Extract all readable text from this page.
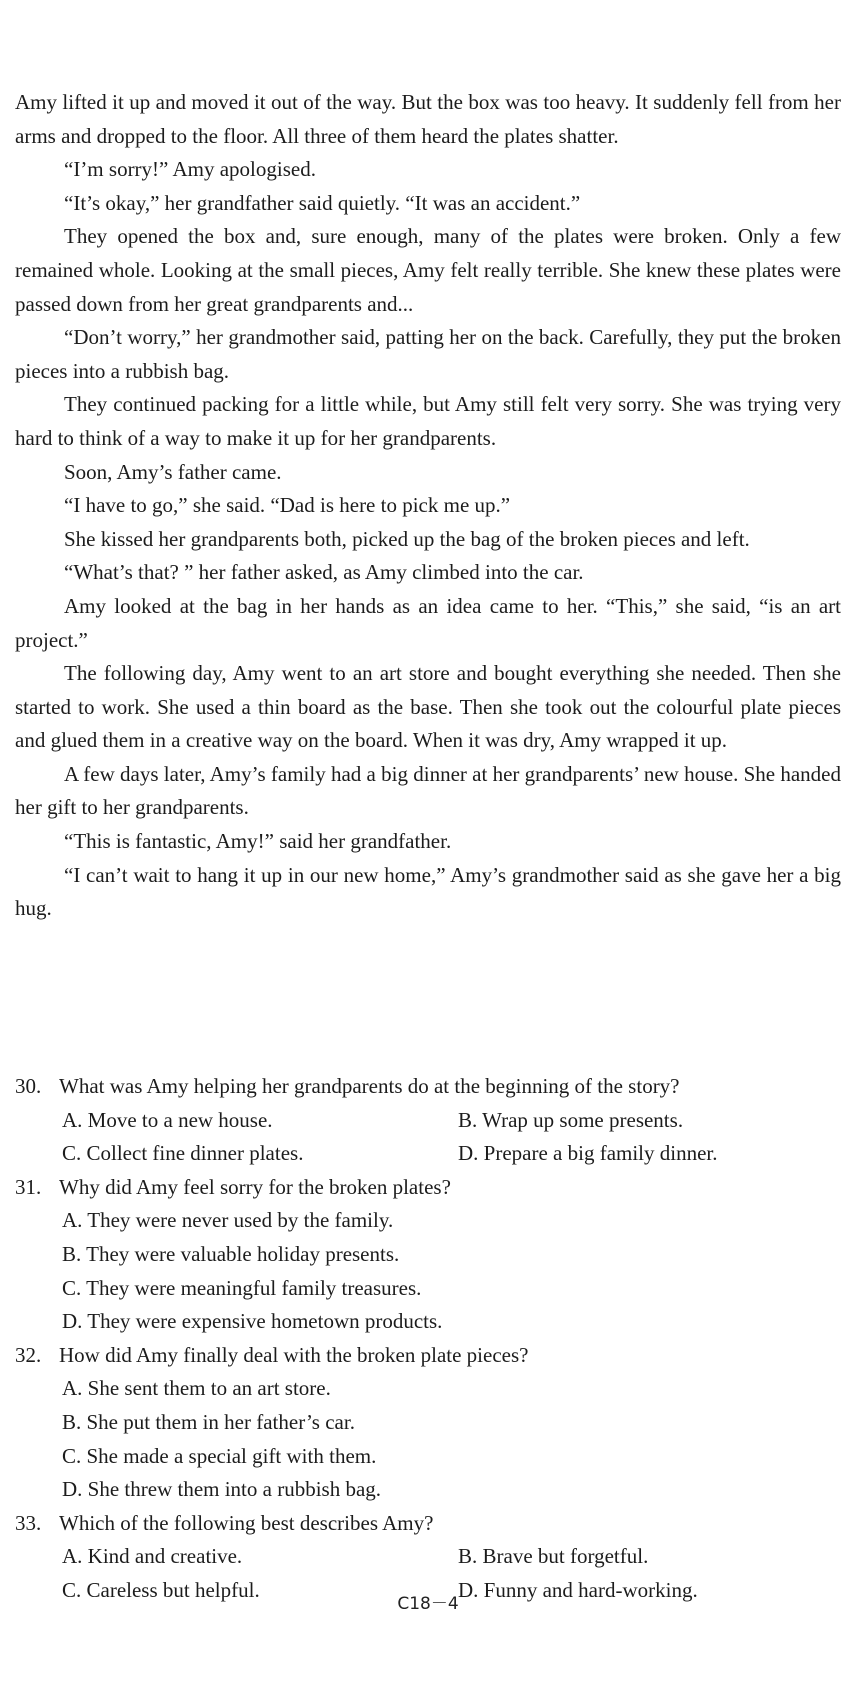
Amy lifted it up and moved it out of the way. But the box was too heavy. It suddenly fell from her arms and dropped to the floor. All three of them heard the plates shatter.

“I’m sorry!” Amy apologised.

“It’s okay,” her grandfather said quietly. “It was an accident.”

They opened the box and, sure enough, many of the plates were broken. Only a few remained whole. Looking at the small pieces, Amy felt really terrible. She knew these plates were passed down from her great grandparents and...

“Don’t worry,” her grandmother said, patting her on the back. Carefully, they put the broken pieces into a rubbish bag.

They continued packing for a little while, but Amy still felt very sorry. She was trying very hard to think of a way to make it up for her grandparents.

Soon, Amy’s father came.

“I have to go,” she said. “Dad is here to pick me up.”

She kissed her grandparents both, picked up the bag of the broken pieces and left.

“What’s that? ” her father asked, as Amy climbed into the car.

Amy looked at the bag in her hands as an idea came to her. “This,” she said, “is an art project.”

The following day, Amy went to an art store and bought everything she needed. Then she started to work. She used a thin board as the base. Then she took out the colourful plate pieces and glued them in a creative way on the board. When it was dry, Amy wrapped it up.

A few days later, Amy’s family had a big dinner at her grandparents’ new house. She handed her gift to her grandparents.

“This is fantastic, Amy!” said her grandfather.

“I can’t wait to hang it up in our new home,” Amy’s grandmother said as she gave her a big hug.

30. What was Amy helping her grandparents do at the beginning of the story?
A. Move to a new house.	B. Wrap up some presents.
C. Collect fine dinner plates.	D. Prepare a big family dinner.
31. Why did Amy feel sorry for the broken plates?
A. They were never used by the family.
B. They were valuable holiday presents.
C. They were meaningful family treasures.
D. They were expensive hometown products.
32. How did Amy finally deal with the broken plate pieces?
A. She sent them to an art store.
B. She put them in her father’s car.
C. She made a special gift with them.
D. She threw them into a rubbish bag.
33. Which of the following best describes Amy?
A. Kind and creative.	B. Brave but forgetful.
C. Careless but helpful.	D. Funny and hard-working.
C18－4
